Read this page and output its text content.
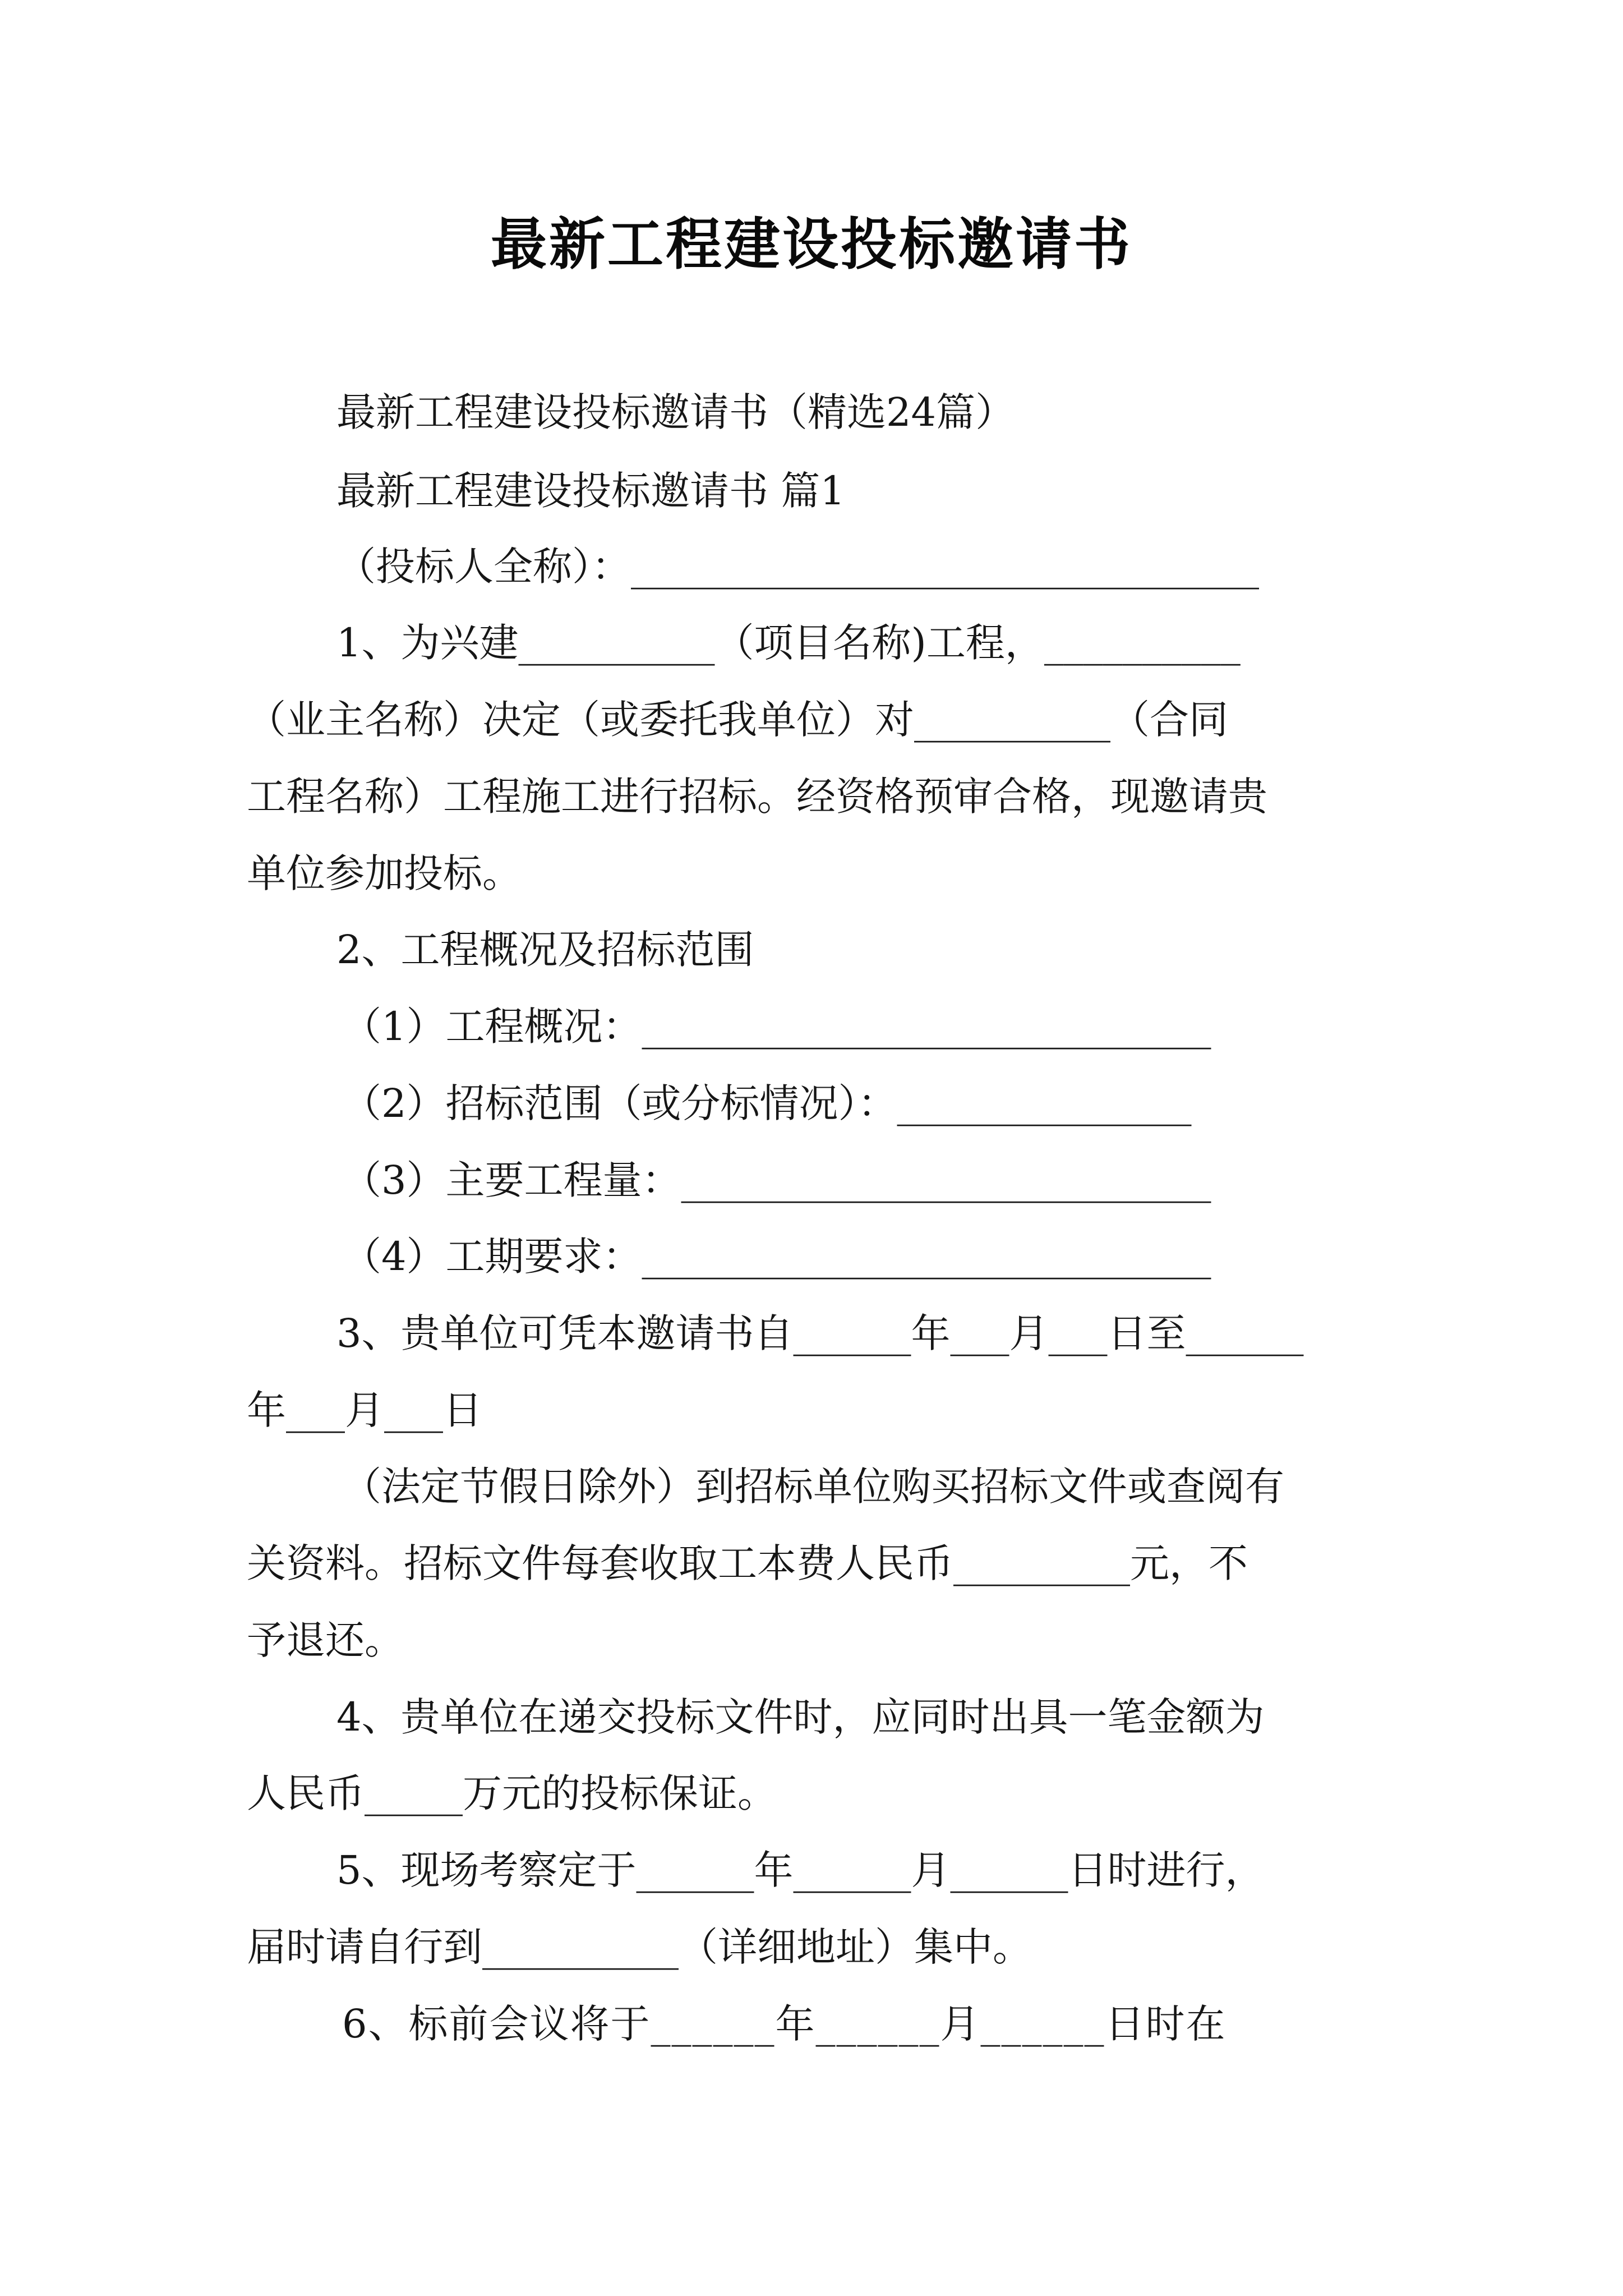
最新工程建设投标邀请书

最新工程建设投标邀请书（精选24篇）

最新工程建设投标邀请书 篇1

（投标人全称）：________________________________

1、为兴建__________（项目名称)工程，__________

（业主名称）决定（或委托我单位）对__________（合同

工程名称）工程施工进行招标。经资格预审合格，现邀请贵

单位参加投标。

2、工程概况及招标范围

（1）工程概况：_____________________________

（2）招标范围（或分标情况）：_______________

（3）主要工程量：___________________________

（4）工期要求：_____________________________

3、贵单位可凭本邀请书自______年___月___日至______

年___月___日

（法定节假日除外）到招标单位购买招标文件或查阅有

关资料。招标文件每套收取工本费人民币_________元，不

予退还。

4、贵单位在递交投标文件时，应同时出具一笔金额为

人民币_____万元的投标保证。

5、现场考察定于______年______月______日时进行，

届时请自行到__________（详细地址）集中。

6、标前会议将于______年______月______日时在
